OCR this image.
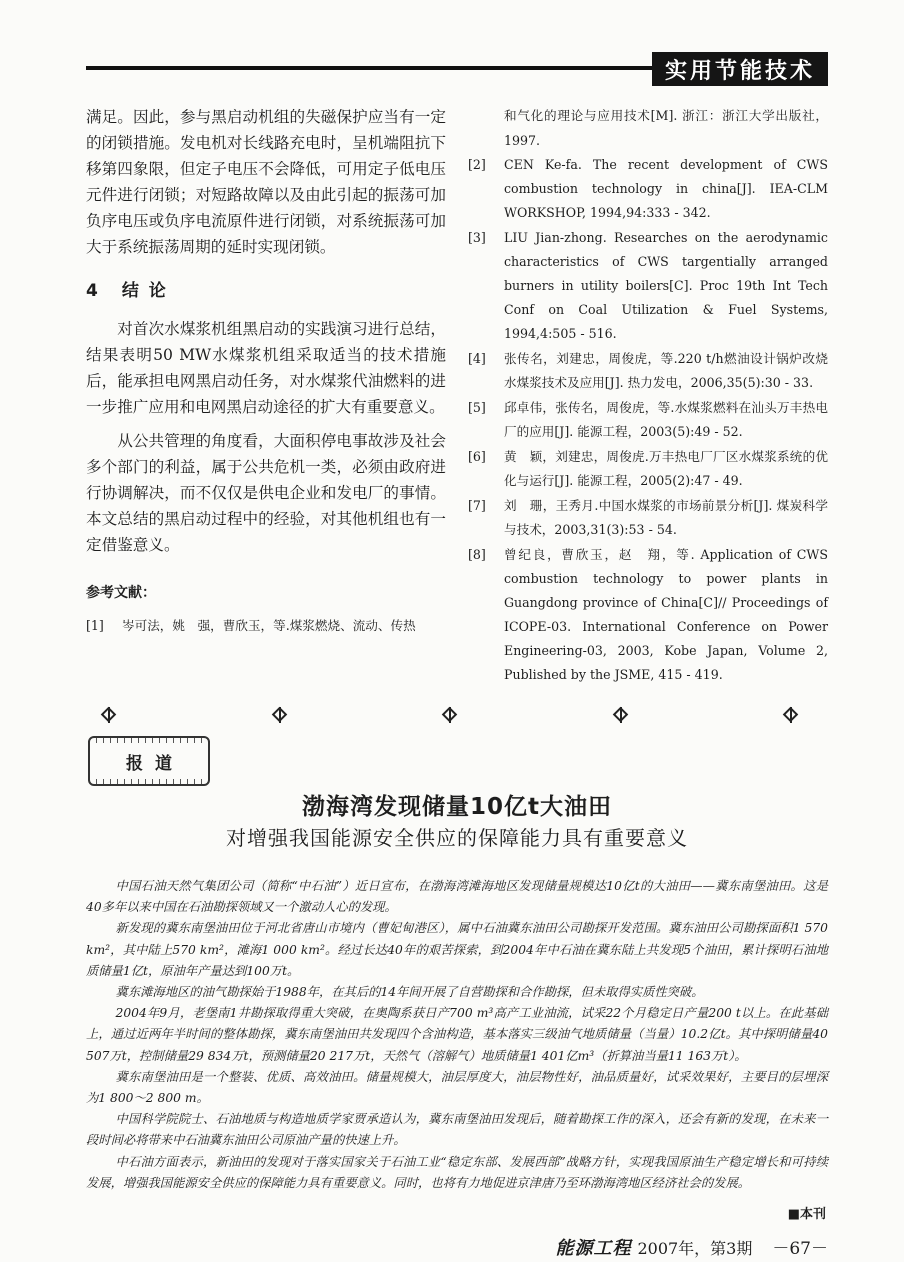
实用节能技术

满足。因此，参与黑启动机组的失磁保护应当有一定的闭锁措施。发电机对长线路充电时，呈机端阻抗下移第四象限，但定子电压不会降低，可用定子低电压元件进行闭锁；对短路故障以及由此引起的振荡可加负序电压或负序电流原件进行闭锁，对系统振荡可加大于系统振荡周期的延时实现闭锁。

4 结 论

对首次水煤浆机组黑启动的实践演习进行总结，结果表明50 MW水煤浆机组采取适当的技术措施后，能承担电网黑启动任务，对水煤浆代油燃料的进一步推广应用和电网黑启动途径的扩大有重要意义。

从公共管理的角度看，大面积停电事故涉及社会多个部门的利益，属于公共危机一类，必须由政府进行协调解决，而不仅仅是供电企业和发电厂的事情。本文总结的黑启动过程中的经验，对其他机组也有一定借鉴意义。

参考文献：
[1]	岑可法，姚　强，曹欣玉，等.煤浆燃烧、流动、传热
和气化的理论与应用技术[M]. 浙江：浙江大学出版社，1997.
[2]	CEN Ke-fa. The recent development of CWS combustion technology in china[J]. IEA-CLM WORKSHOP, 1994,94:333 - 342.
[3]	LIU Jian-zhong. Researches on the aerodynamic characteristics of CWS targentially arranged burners in utility boilers[C]. Proc 19th Int Tech Conf on Coal Utilization & Fuel Systems, 1994,4:505 - 516.
[4]	张传名，刘建忠，周俊虎，等.220 t/h燃油设计锅炉改烧水煤浆技术及应用[J]. 热力发电，2006,35(5):30 - 33.
[5]	邱卓伟，张传名，周俊虎，等.水煤浆燃料在汕头万丰热电厂的应用[J]. 能源工程，2003(5):49 - 52.
[6]	黄　颖，刘建忠，周俊虎.万丰热电厂厂区水煤浆系统的优化与运行[J]. 能源工程，2005(2):47 - 49.
[7]	刘　珊，王秀月.中国水煤浆的市场前景分析[J]. 煤炭科学与技术，2003,31(3):53 - 54.
[8]	曾纪良，曹欣玉，赵　翔，等. Application of CWS combustion technology to power plants in Guangdong province of China[C]// Proceedings of ICOPE-03. International Conference on Power Engineering-03, 2003, Kobe Japan, Volume 2, Published by the JSME, 415 - 419.
报道
渤海湾发现储量10亿t大油田
对增强我国能源安全供应的保障能力具有重要意义

中国石油天然气集团公司（简称“中石油”）近日宣布，在渤海湾滩海地区发现储量规模达10亿t的大油田——冀东南堡油田。这是40多年以来中国在石油勘探领域又一个激动人心的发现。

新发现的冀东南堡油田位于河北省唐山市境内（曹妃甸港区），属中石油冀东油田公司勘探开发范围。冀东油田公司勘探面积1 570 km²，其中陆上570 km²，滩海1 000 km²。经过长达40年的艰苦探索，到2004年中石油在冀东陆上共发现5个油田，累计探明石油地质储量1亿t，原油年产量达到100万t。

冀东滩海地区的油气勘探始于1988年，在其后的14年间开展了自营勘探和合作勘探，但未取得实质性突破。

2004年9月，老堡南1井勘探取得重大突破，在奥陶系获日产700 m³高产工业油流，试采22个月稳定日产量200 t以上。在此基础上，通过近两年半时间的整体勘探，冀东南堡油田共发现四个含油构造，基本落实三级油气地质储量（当量）10.2亿t。其中探明储量40 507万t，控制储量29 834万t，预测储量20 217万t，天然气（溶解气）地质储量1 401亿m³（折算油当量11 163万t）。

冀东南堡油田是一个整装、优质、高效油田。储量规模大，油层厚度大，油层物性好，油品质量好，试采效果好，主要目的层埋深为1 800～2 800 m。

中国科学院院士、石油地质与构造地质学家贾承造认为，冀东南堡油田发现后，随着勘探工作的深入，还会有新的发现，在未来一段时间必将带来中石油冀东油田公司原油产量的快速上升。

中石油方面表示，新油田的发现对于落实国家关于石油工业“稳定东部、发展西部”战略方针，实现我国原油生产稳定增长和可持续发展，增强我国能源安全供应的保障能力具有重要意义。同时，也将有力地促进京津唐乃至环渤海湾地区经济社会的发展。

■本刊
能源工程 2007年，第3期 －67－
